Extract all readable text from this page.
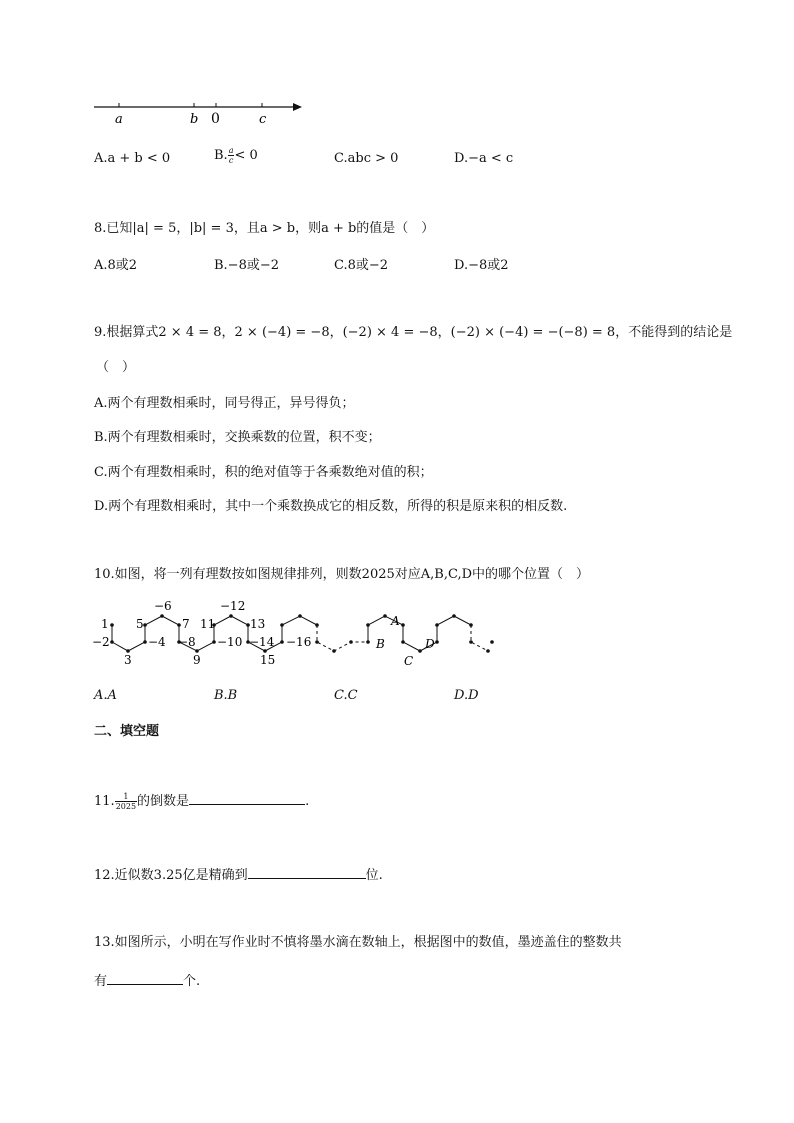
a	b 0	c
A.a + b < 0	B. $\frac{a}{c} < 0$	C.abc > 0	D.−a < c
8.已知|a| = 5，|b| = 3，且a > b，则a + b的值是（　）
A.8或2	B.−8或−2	C.8或−2	D.−8或2
9.根据算式2 × 4 = 8，2 × (−4) = −8，(−2) × 4 = −8，(−2) × (−4) = −(−8) = 8，不能得到的结论是
（　）
A.两个有理数相乘时，同号得正，异号得负；
B.两个有理数相乘时，交换乘数的位置，积不变；
C.两个有理数相乘时，积的绝对值等于各乘数绝对值的积；
D.两个有理数相乘时，其中一个乘数换成它的相反数，所得的积是原来积的相反数.
10.如图，将一列有理数按如图规律排列，则数2025对应A,B,C,D中的哪个位置（　）
1
−2
3
−4
5
−6
7
−8
9
−10
11
−12
13
−14
15
−16
A
B
C
D
A.A	B.B	C.C	D.D
二、填空题
11. $\frac{1}{2025}$ 的倒数是	.
12.近似数3.25亿是精确到	位.
13.如图所示，小明在写作业时不慎将墨水滴在数轴上，根据图中的数值，墨迹盖住的整数共
有	个.
